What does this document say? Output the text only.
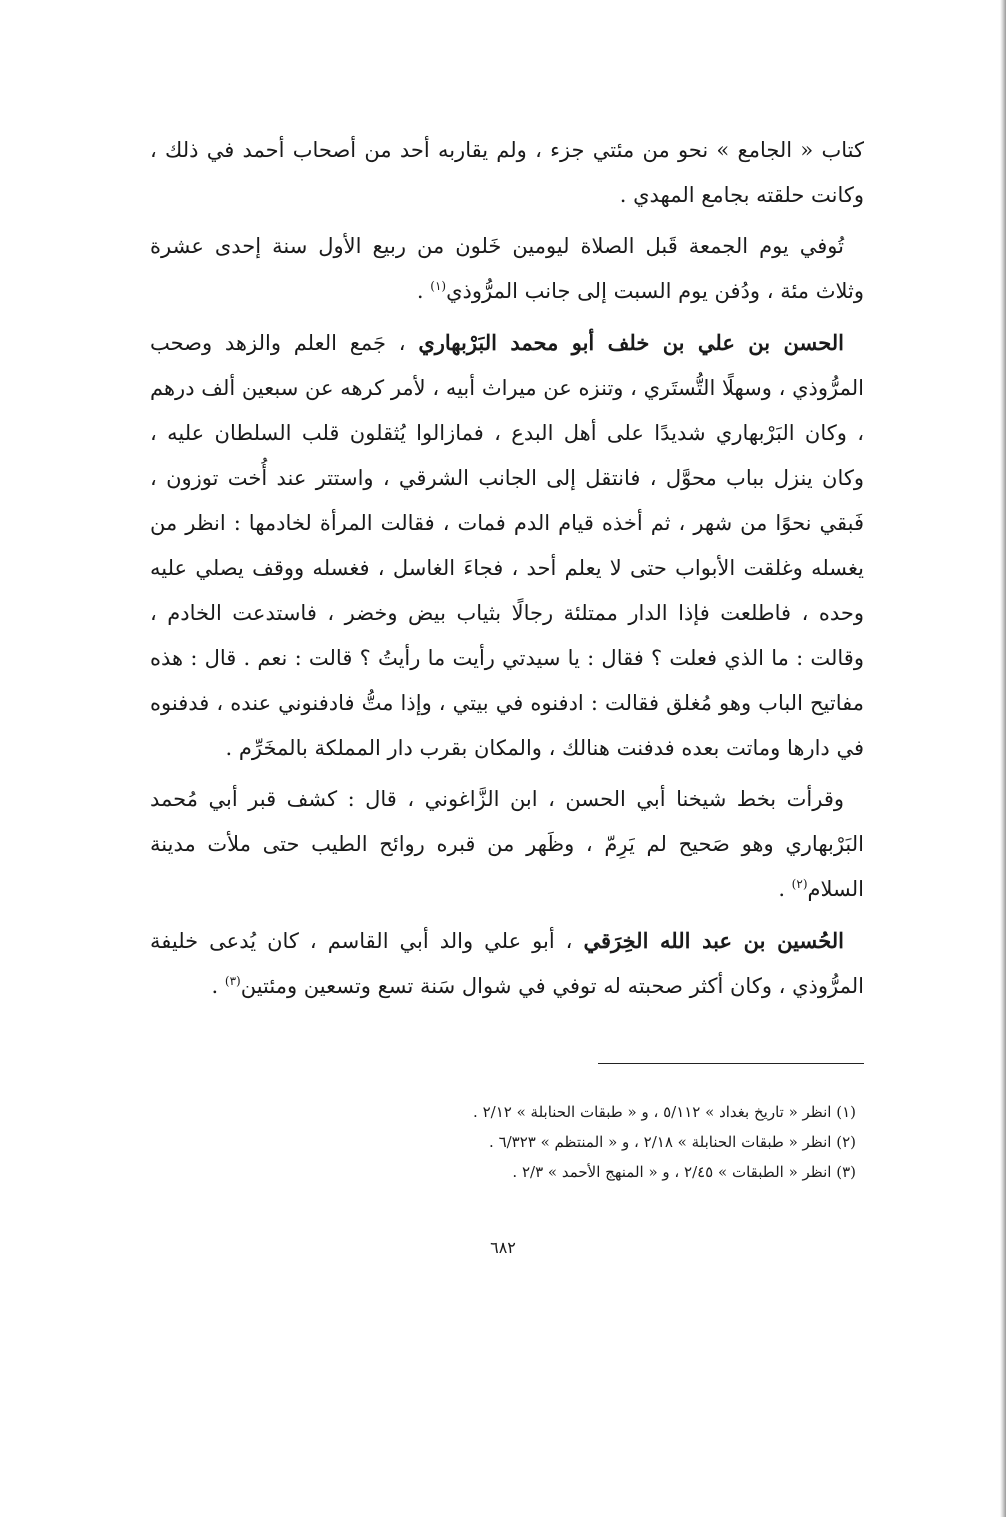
كتاب « الجامع » نحو من مئتي جزء ، ولم يقاربه أحد من أصحاب أحمد في ذلك ، وكانت حلقته بجامع المهدي .

تُوفي يوم الجمعة قَبل الصلاة ليومين خَلون من ربيع الأول سنة إحدى عشرة وثلاث مئة ، ودُفن يوم السبت إلى جانب المرُّوذي$^{(١)}$ .

الحسن بن علي بن خلف أبو محمد البَرْبهاري ، جَمع العلم والزهد وصحب المرُّوذي ، وسهلًا التُّستَري ، وتنزه عن ميراث أبيه ، لأمر كرهه عن سبعين ألف درهم ، وكان البَرْبهاري شديدًا على أهل البدع ، فمازالوا يُثقلون قلب السلطان عليه ، وكان ينزل بباب محوَّل ، فانتقل إلى الجانب الشرقي ، واستتر عند أُخت توزون ، فَبقي نحوًا من شهر ، ثم أخذه قيام الدم فمات ، فقالت المرأة لخادمها : انظر من يغسله وغلقت الأبواب حتى لا يعلم أحد ، فجاءَ الغاسل ، فغسله ووقف يصلي عليه وحده ، فاطلعت فإذا الدار ممتلئة رجالًا بثياب بيض وخضر ، فاستدعت الخادم ، وقالت : ما الذي فعلت ؟ فقال : يا سيدتي رأيت ما رأيتُ ؟ قالت : نعم . قال : هذه مفاتيح الباب وهو مُغلق فقالت : ادفنوه في بيتي ، وإذا متُّ فادفنوني عنده ، فدفنوه في دارها وماتت بعده فدفنت هنالك ، والمكان بقرب دار المملكة بالمخَرِّم .

وقرأت بخط شيخنا أبي الحسن ، ابن الزَّاغوني ، قال : كشف قبر أبي مُحمد البَرْبهاري وهو صَحيح لم يَرِمّ ، وظَهر من قبره روائح الطيب حتى ملأت مدينة السلام$^{(٢)}$ .

الحُسين بن عبد الله الخِرَقي ، أبو علي والد أبي القاسم ، كان يُدعى خليفة المرُّوذي ، وكان أكثر صحبته له توفي في شوال سَنة تسع وتسعين ومئتين$^{(٣)}$ .

(١) انظر « تاريخ بغداد » ٥/١١٢ ، و « طبقات الحنابلة » ٢/١٢ .
(٢) انظر « طبقات الحنابلة » ٢/١٨ ، و « المنتظم » ٦/٣٢٣ .
(٣) انظر « الطبقات » ٢/٤٥ ، و « المنهج الأحمد » ٢/٣ .
٦٨٢
